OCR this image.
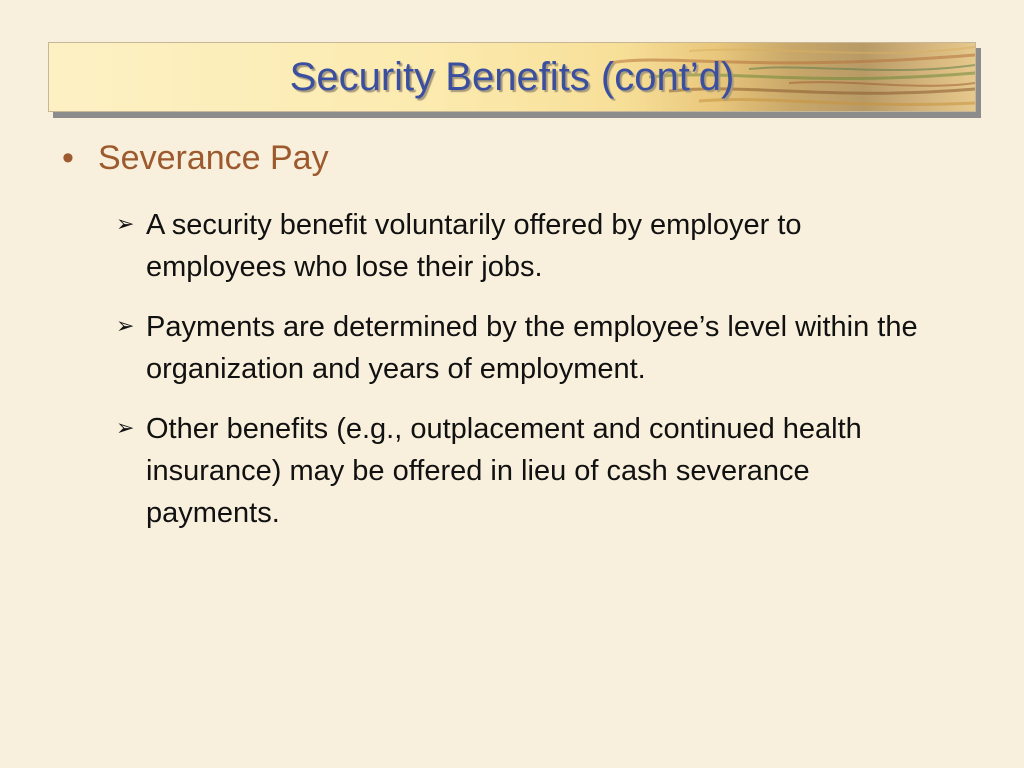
Security Benefits (cont’d)
• Severance Pay
➢ A security benefit voluntarily offered by employer to employees who lose their jobs.
➢ Payments are determined by the employee’s level within the organization and years of employment.
➢ Other benefits (e.g., outplacement and continued health insurance) may be offered in lieu of cash severance payments.
